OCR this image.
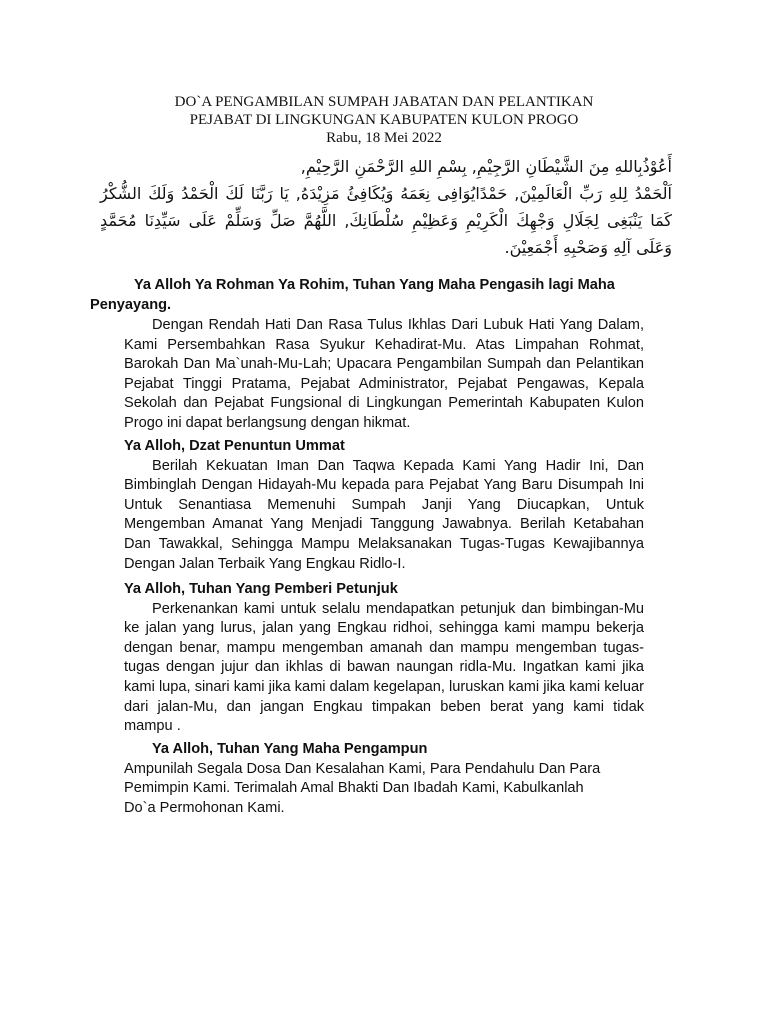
DO`A PENGAMBILAN SUMPAH JABATAN DAN PELANTIKAN
PEJABAT DI LINGKUNGAN KABUPATEN KULON PROGO
Rabu, 18 Mei 2022
أَعُوْذُبِاللهِ مِنَ الشَّيْطَانِ الرَّجِيْمِ, بِسْمِ اللهِ الرَّحْمَنِ الرَّحِيْمِ,
اَلْحَمْدُ لِلهِ رَبِّ الْعَالَمِيْنَ, حَمْدًايُوَافِى نِعَمَهُ وَيُكَافِئُ مَزِيْدَهُ, يَا رَبَّنَا لَكَ الْحَمْدُ وَلَكَ الشُّكْرُ كَمَا يَنْبَغِى لِجَلَالِ وَجْهِكَ الْكَرِيْمِ وَعَظِيْمِ سُلْطَانِكَ, اللَّهُمَّ صَلِّ وَسَلِّمْ عَلَى سَيِّدِنَا مُحَمَّدٍ وَعَلَى آلِهِ وَصَحْبِهِ أَجْمَعِيْنَ.

Ya Alloh Ya Rohman Ya Rohim, Tuhan Yang Maha Pengasih lagi Maha Penyayang.

Dengan Rendah Hati Dan Rasa Tulus Ikhlas Dari Lubuk Hati Yang Dalam, Kami Persembahkan Rasa Syukur Kehadirat-Mu. Atas Limpahan Rohmat, Barokah Dan Ma`unah-Mu-Lah; Upacara Pengambilan Sumpah dan Pelantikan Pejabat Tinggi Pratama, Pejabat Administrator, Pejabat Pengawas, Kepala Sekolah dan Pejabat Fungsional di Lingkungan Pemerintah Kabupaten Kulon Progo ini dapat berlangsung dengan hikmat.

Ya Alloh, Dzat Penuntun Ummat

Berilah Kekuatan Iman Dan Taqwa Kepada Kami Yang Hadir Ini, Dan Bimbinglah Dengan Hidayah-Mu kepada para Pejabat Yang Baru Disumpah Ini Untuk Senantiasa Memenuhi Sumpah Janji Yang Diucapkan, Untuk Mengemban Amanat Yang Menjadi Tanggung Jawabnya. Berilah Ketabahan Dan Tawakkal, Sehingga Mampu Melaksanakan Tugas-Tugas Kewajibannya Dengan Jalan Terbaik Yang Engkau Ridlo-I.

Ya Alloh, Tuhan Yang Pemberi Petunjuk

Perkenankan kami untuk selalu mendapatkan petunjuk dan bimbingan-Mu ke jalan yang lurus, jalan yang Engkau ridhoi, sehingga kami mampu bekerja dengan benar, mampu mengemban amanah dan mampu mengemban tugas-tugas dengan jujur dan ikhlas di bawan naungan ridla-Mu. Ingatkan kami jika kami lupa, sinari kami jika kami dalam kegelapan, luruskan kami jika kami keluar dari jalan-Mu, dan jangan Engkau timpakan beben berat yang kami tidak mampu .

Ya Alloh, Tuhan Yang Maha Pengampun

Ampunilah Segala Dosa Dan Kesalahan Kami, Para Pendahulu Dan Para Pemimpin Kami. Terimalah Amal Bhakti Dan Ibadah Kami, Kabulkanlah Do`a Permohonan Kami.
